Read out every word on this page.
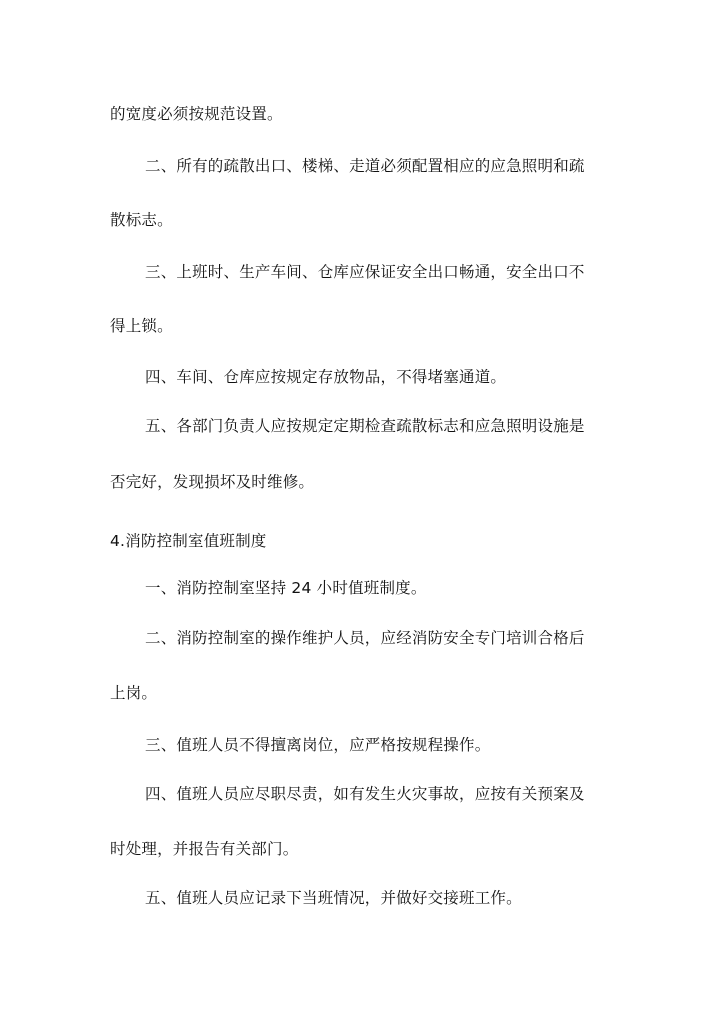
的宽度必须按规范设置。
二、所有的疏散出口、楼梯、走道必须配置相应的应急照明和疏
散标志。
三、上班时、生产车间、仓库应保证安全出口畅通，安全出口不
得上锁。
四、车间、仓库应按规定存放物品，不得堵塞通道。
五、各部门负责人应按规定定期检查疏散标志和应急照明设施是
否完好，发现损坏及时维修。
4.消防控制室值班制度
一、消防控制室坚持 24 小时值班制度。
二、消防控制室的操作维护人员，应经消防安全专门培训合格后
上岗。
三、值班人员不得擅离岗位，应严格按规程操作。
四、值班人员应尽职尽责，如有发生火灾事故，应按有关预案及
时处理，并报告有关部门。
五、值班人员应记录下当班情况，并做好交接班工作。
